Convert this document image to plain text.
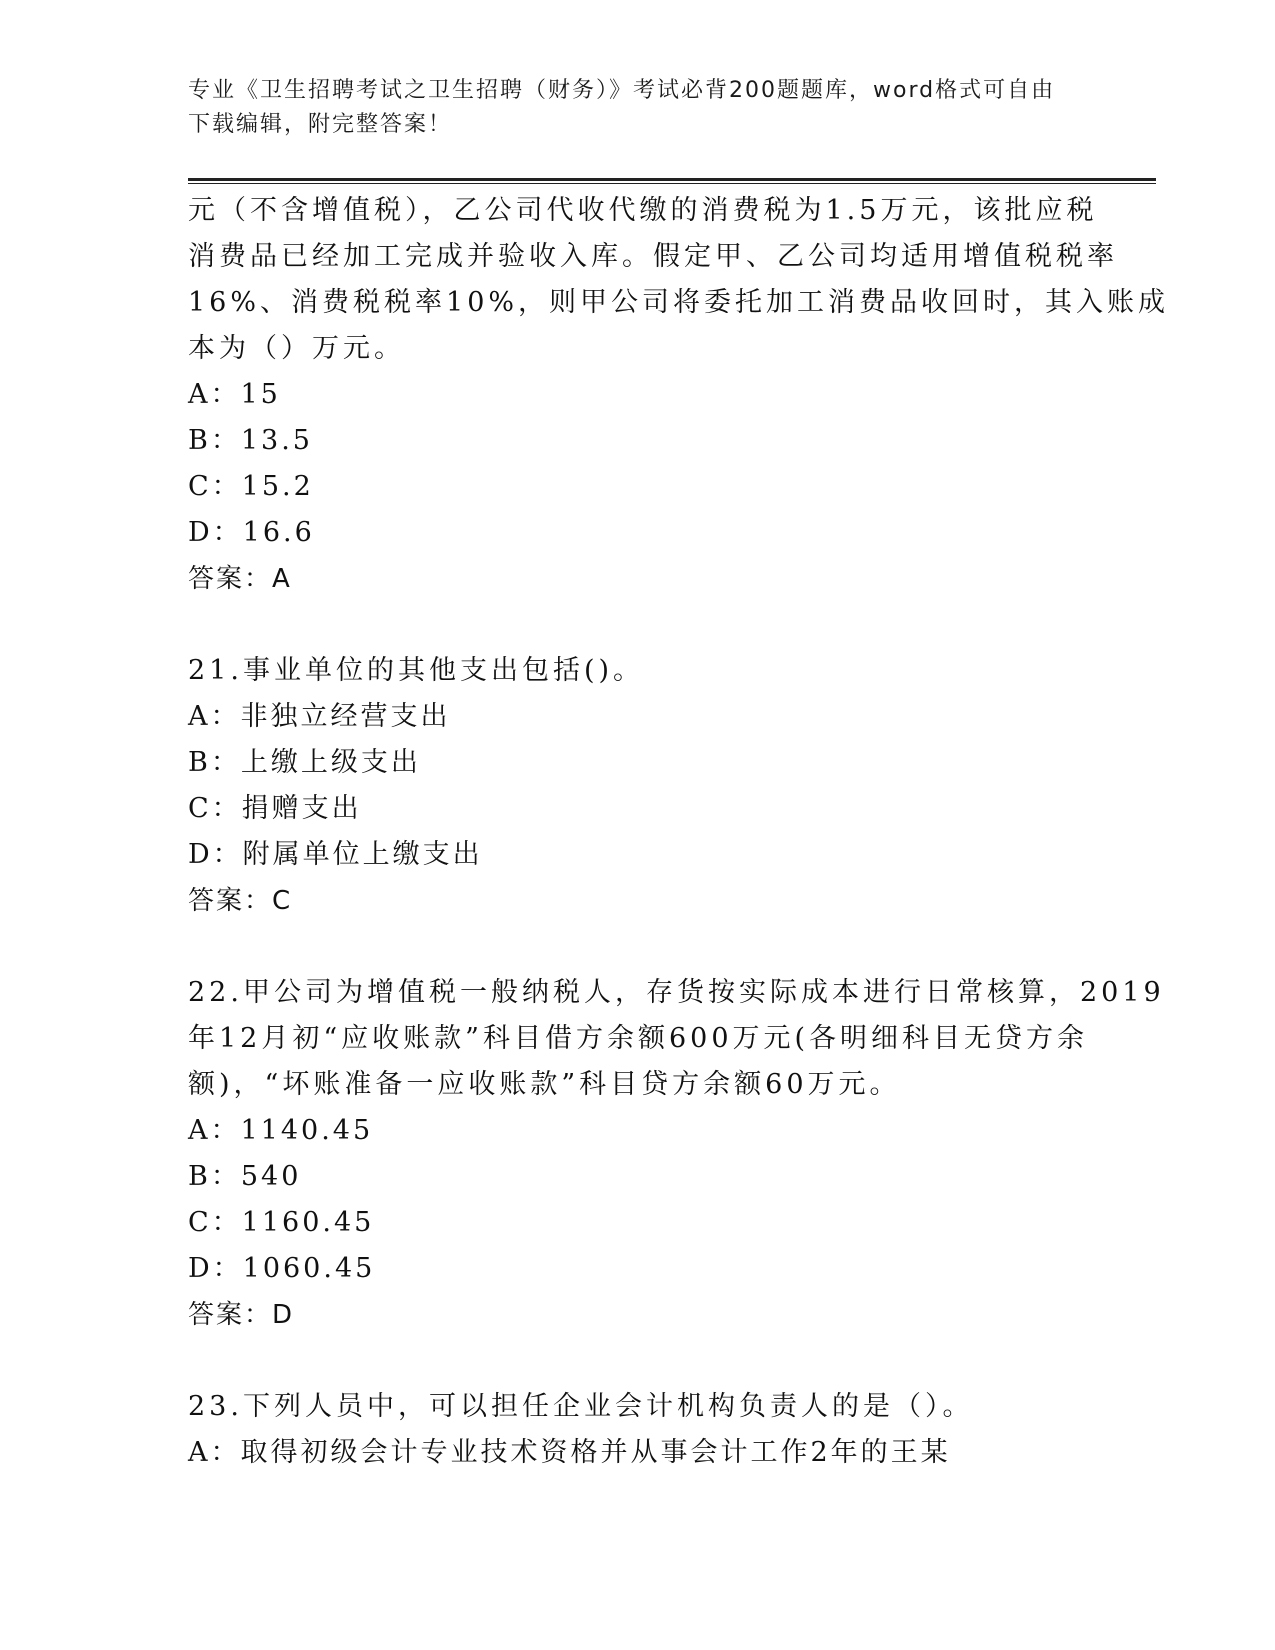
专业《卫生招聘考试之卫生招聘（财务）》考试必背200题题库，word格式可自由下载编辑，附完整答案！
元（不含增值税），乙公司代收代缴的消费税为1.5万元，该批应税
消费品已经加工完成并验收入库。假定甲、乙公司均适用增值税税率
16%、消费税税率10%，则甲公司将委托加工消费品收回时，其入账成
本为（）万元。
A：15
B：13.5
C：15.2
D：16.6
答案：A
21.事业单位的其他支出包括()。
A：非独立经营支出
B：上缴上级支出
C：捐赠支出
D：附属单位上缴支出
答案：C
22.甲公司为增值税一般纳税人，存货按实际成本进行日常核算，2019
年12月初“应收账款”科目借方余额600万元(各明细科目无贷方余
额)，“坏账准备一应收账款”科目贷方余额60万元。
A：1140.45
B：540
C：1160.45
D：1060.45
答案：D
23.下列人员中，可以担任企业会计机构负责人的是（）。
A：取得初级会计专业技术资格并从事会计工作2年的王某
